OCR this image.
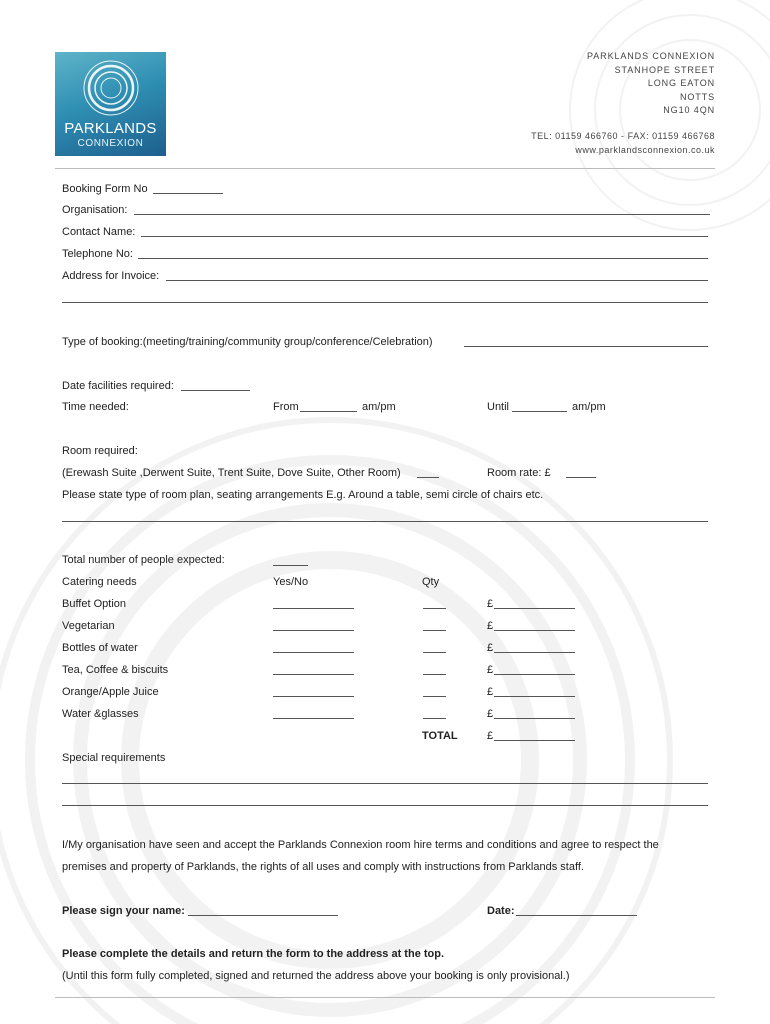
PARKLANDS
CONNEXION
PARKLANDS CONNEXION
STANHOPE STREET
LONG EATON
NOTTS
NG10 4QN
TEL: 01159 466760 - FAX: 01159 466768
www.parklandsconnexion.co.uk
Booking Form No
Organisation:
Contact Name:
Telephone No:
Address for Invoice:
Type of booking:(meeting/training/community group/conference/Celebration)
Date facilities required:
Time needed:	From	am/pm	Until	am/pm
Room required:
(Erewash Suite ,Derwent Suite, Trent Suite, Dove Suite, Other Room)	Room rate: £
Please state type of room plan, seating arrangements E.g. Around a table, semi circle of chairs etc.
Total number of people expected:
Catering needs	Yes/No	Qty
Buffet Option	£
Vegetarian	£
Bottles of water	£
Tea, Coffee & biscuits	£
Orange/Apple Juice	£
Water &glasses	£
TOTAL	£
Special requirements
I/My organisation have seen and accept the Parklands Connexion room hire terms and conditions and agree to respect the
premises and property of Parklands, the rights of all uses and comply with instructions from Parklands staff.
Please sign your name:	Date:
Please complete the details and return the form to the address at the top.
(Until this form fully completed, signed and returned the address above your booking is only provisional.)
